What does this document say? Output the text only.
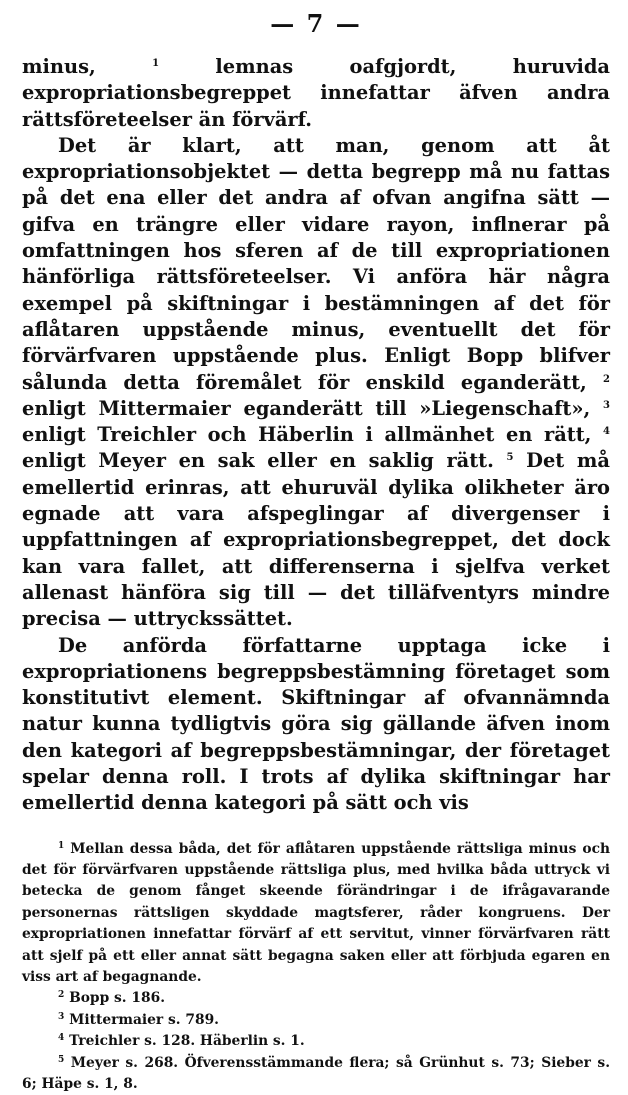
— 7 —

minus, $^1$ lemnas oafgjordt, huruvida expropriationsbegreppet innefattar äfven andra rättsföreteelser än förvärf.

Det är klart, att man, genom att åt expropriationsobjektet — detta begrepp må nu fattas på det ena eller det andra af ofvan angifna sätt — gifva en trängre eller vidare rayon, inflnerar på omfattningen hos sferen af de till expropriationen hänförliga rättsföreteelser. Vi anföra här några exempel på skiftningar i bestämningen af det för aflåtaren uppstående minus, eventuellt det för förvärfvaren uppstående plus. Enligt Bopp blifver sålunda detta föremålet för enskild eganderätt, $^2$ enligt Mittermaier eganderätt till »Liegenschaft», $^3$ enligt Treichler och Häberlin i allmänhet en rätt, $^4$ enligt Meyer en sak eller en saklig rätt. $^5$ Det må emellertid erinras, att ehuruväl dylika olikheter äro egnade att vara afspeglingar af divergenser i uppfattningen af expropriationsbegreppet, det dock kan vara fallet, att differenserna i sjelfva verket allenast hänföra sig till — det tilläfventyrs mindre precisa — uttryckssättet.

De anförda författarne upptaga icke i expropriationens begreppsbestämning företaget som konstitutivt element. Skiftningar af ofvannämnda natur kunna tydligtvis göra sig gällande äfven inom den kategori af begreppsbestämningar, der företaget spelar denna roll. I trots af dylika skiftningar har emellertid denna kategori på sätt och vis

$^1$ Mellan dessa båda, det för aflåtaren uppstående rättsliga minus och det för förvärfvaren uppstående rättsliga plus, med hvilka båda uttryck vi betecka de genom fånget skeende förändringar i de ifrågavarande personernas rättsligen skyddade magtsferer, råder kongruens. Der expropriationen innefattar förvärf af ett servitut, vinner förvärfvaren rätt att sjelf på ett eller annat sätt begagna saken eller att förbjuda egaren en viss art af begagnande.

$^2$ Bopp s. 186.

$^3$ Mittermaier s. 789.

$^4$ Treichler s. 128. Häberlin s. 1.

$^5$ Meyer s. 268. Öfverensstämmande flera; så Grünhut s. 73; Sieber s. 6; Häpe s. 1, 8.
